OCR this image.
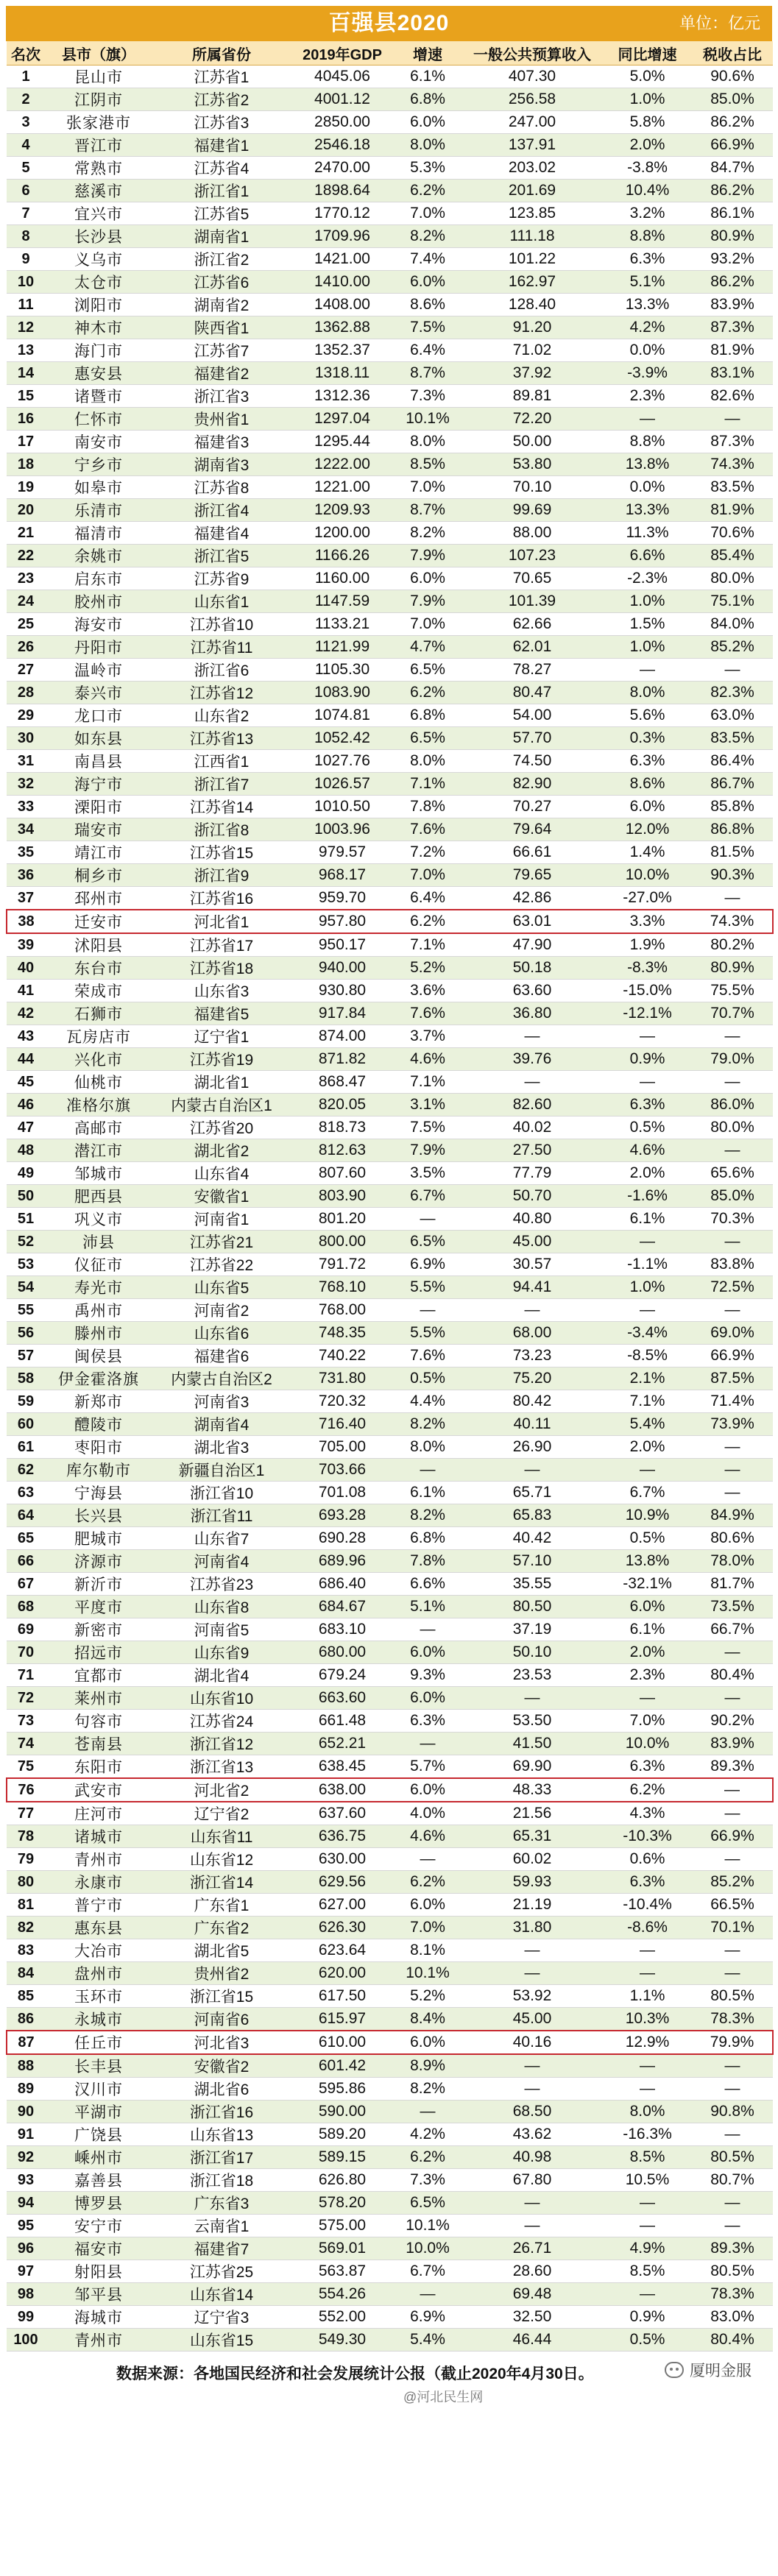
百强县2020	单位：亿元
名次	县市（旗）	所属省份	2019年GDP	增速	一般公共预算收入	同比增速	税收占比
1	昆山市	江苏省1	4045.06	6.1%	407.30	5.0%	90.6%
2	江阴市	江苏省2	4001.12	6.8%	256.58	1.0%	85.0%
3	张家港市	江苏省3	2850.00	6.0%	247.00	5.8%	86.2%
4	晋江市	福建省1	2546.18	8.0%	137.91	2.0%	66.9%
5	常熟市	江苏省4	2470.00	5.3%	203.02	-3.8%	84.7%
6	慈溪市	浙江省1	1898.64	6.2%	201.69	10.4%	86.2%
7	宜兴市	江苏省5	1770.12	7.0%	123.85	3.2%	86.1%
8	长沙县	湖南省1	1709.96	8.2%	111.18	8.8%	80.9%
9	义乌市	浙江省2	1421.00	7.4%	101.22	6.3%	93.2%
10	太仓市	江苏省6	1410.00	6.0%	162.97	5.1%	86.2%
11	浏阳市	湖南省2	1408.00	8.6%	128.40	13.3%	83.9%
12	神木市	陕西省1	1362.88	7.5%	91.20	4.2%	87.3%
13	海门市	江苏省7	1352.37	6.4%	71.02	0.0%	81.9%
14	惠安县	福建省2	1318.11	8.7%	37.92	-3.9%	83.1%
15	诸暨市	浙江省3	1312.36	7.3%	89.81	2.3%	82.6%
16	仁怀市	贵州省1	1297.04	10.1%	72.20	—	—
17	南安市	福建省3	1295.44	8.0%	50.00	8.8%	87.3%
18	宁乡市	湖南省3	1222.00	8.5%	53.80	13.8%	74.3%
19	如皋市	江苏省8	1221.00	7.0%	70.10	0.0%	83.5%
20	乐清市	浙江省4	1209.93	8.7%	99.69	13.3%	81.9%
21	福清市	福建省4	1200.00	8.2%	88.00	11.3%	70.6%
22	余姚市	浙江省5	1166.26	7.9%	107.23	6.6%	85.4%
23	启东市	江苏省9	1160.00	6.0%	70.65	-2.3%	80.0%
24	胶州市	山东省1	1147.59	7.9%	101.39	1.0%	75.1%
25	海安市	江苏省10	1133.21	7.0%	62.66	1.5%	84.0%
26	丹阳市	江苏省11	1121.99	4.7%	62.01	1.0%	85.2%
27	温岭市	浙江省6	1105.30	6.5%	78.27	—	—
28	泰兴市	江苏省12	1083.90	6.2%	80.47	8.0%	82.3%
29	龙口市	山东省2	1074.81	6.8%	54.00	5.6%	63.0%
30	如东县	江苏省13	1052.42	6.5%	57.70	0.3%	83.5%
31	南昌县	江西省1	1027.76	8.0%	74.50	6.3%	86.4%
32	海宁市	浙江省7	1026.57	7.1%	82.90	8.6%	86.7%
33	溧阳市	江苏省14	1010.50	7.8%	70.27	6.0%	85.8%
34	瑞安市	浙江省8	1003.96	7.6%	79.64	12.0%	86.8%
35	靖江市	江苏省15	979.57	7.2%	66.61	1.4%	81.5%
36	桐乡市	浙江省9	968.17	7.0%	79.65	10.0%	90.3%
37	邳州市	江苏省16	959.70	6.4%	42.86	-27.0%	—
38	迁安市	河北省1	957.80	6.2%	63.01	3.3%	74.3%
39	沭阳县	江苏省17	950.17	7.1%	47.90	1.9%	80.2%
40	东台市	江苏省18	940.00	5.2%	50.18	-8.3%	80.9%
41	荣成市	山东省3	930.80	3.6%	63.60	-15.0%	75.5%
42	石狮市	福建省5	917.84	7.6%	36.80	-12.1%	70.7%
43	瓦房店市	辽宁省1	874.00	3.7%	—	—	—
44	兴化市	江苏省19	871.82	4.6%	39.76	0.9%	79.0%
45	仙桃市	湖北省1	868.47	7.1%	—	—	—
46	准格尔旗	内蒙古自治区1	820.05	3.1%	82.60	6.3%	86.0%
47	高邮市	江苏省20	818.73	7.5%	40.02	0.5%	80.0%
48	潜江市	湖北省2	812.63	7.9%	27.50	4.6%	—
49	邹城市	山东省4	807.60	3.5%	77.79	2.0%	65.6%
50	肥西县	安徽省1	803.90	6.7%	50.70	-1.6%	85.0%
51	巩义市	河南省1	801.20	—	40.80	6.1%	70.3%
52	沛县	江苏省21	800.00	6.5%	45.00	—	—
53	仪征市	江苏省22	791.72	6.9%	30.57	-1.1%	83.8%
54	寿光市	山东省5	768.10	5.5%	94.41	1.0%	72.5%
55	禹州市	河南省2	768.00	—	—	—	—
56	滕州市	山东省6	748.35	5.5%	68.00	-3.4%	69.0%
57	闽侯县	福建省6	740.22	7.6%	73.23	-8.5%	66.9%
58	伊金霍洛旗	内蒙古自治区2	731.80	0.5%	75.20	2.1%	87.5%
59	新郑市	河南省3	720.32	4.4%	80.42	7.1%	71.4%
60	醴陵市	湖南省4	716.40	8.2%	40.11	5.4%	73.9%
61	枣阳市	湖北省3	705.00	8.0%	26.90	2.0%	—
62	库尔勒市	新疆自治区1	703.66	—	—	—	—
63	宁海县	浙江省10	701.08	6.1%	65.71	6.7%	—
64	长兴县	浙江省11	693.28	8.2%	65.83	10.9%	84.9%
65	肥城市	山东省7	690.28	6.8%	40.42	0.5%	80.6%
66	济源市	河南省4	689.96	7.8%	57.10	13.8%	78.0%
67	新沂市	江苏省23	686.40	6.6%	35.55	-32.1%	81.7%
68	平度市	山东省8	684.67	5.1%	80.50	6.0%	73.5%
69	新密市	河南省5	683.10	—	37.19	6.1%	66.7%
70	招远市	山东省9	680.00	6.0%	50.10	2.0%	—
71	宜都市	湖北省4	679.24	9.3%	23.53	2.3%	80.4%
72	莱州市	山东省10	663.60	6.0%	—	—	—
73	句容市	江苏省24	661.48	6.3%	53.50	7.0%	90.2%
74	苍南县	浙江省12	652.21	—	41.50	10.0%	83.9%
75	东阳市	浙江省13	638.45	5.7%	69.90	6.3%	89.3%
76	武安市	河北省2	638.00	6.0%	48.33	6.2%	—
77	庄河市	辽宁省2	637.60	4.0%	21.56	4.3%	—
78	诸城市	山东省11	636.75	4.6%	65.31	-10.3%	66.9%
79	青州市	山东省12	630.00	—	60.02	0.6%	—
80	永康市	浙江省14	629.56	6.2%	59.93	6.3%	85.2%
81	普宁市	广东省1	627.00	6.0%	21.19	-10.4%	66.5%
82	惠东县	广东省2	626.30	7.0%	31.80	-8.6%	70.1%
83	大冶市	湖北省5	623.64	8.1%	—	—	—
84	盘州市	贵州省2	620.00	10.1%	—	—	—
85	玉环市	浙江省15	617.50	5.2%	53.92	1.1%	80.5%
86	永城市	河南省6	615.97	8.4%	45.00	10.3%	78.3%
87	任丘市	河北省3	610.00	6.0%	40.16	12.9%	79.9%
88	长丰县	安徽省2	601.42	8.9%	—	—	—
89	汉川市	湖北省6	595.86	8.2%	—	—	—
90	平湖市	浙江省16	590.00	—	68.50	8.0%	90.8%
91	广饶县	山东省13	589.20	4.2%	43.62	-16.3%	—
92	嵊州市	浙江省17	589.15	6.2%	40.98	8.5%	80.5%
93	嘉善县	浙江省18	626.80	7.3%	67.80	10.5%	80.7%
94	博罗县	广东省3	578.20	6.5%	—	—	—
95	安宁市	云南省1	575.00	10.1%	—	—	—
96	福安市	福建省7	569.01	10.0%	26.71	4.9%	89.3%
97	射阳县	江苏省25	563.87	6.7%	28.60	8.5%	80.5%
98	邹平县	山东省14	554.26	—	69.48	—	78.3%
99	海城市	辽宁省3	552.00	6.9%	32.50	0.9%	83.0%
100	青州市	山东省15	549.30	5.4%	46.44	0.5%	80.4%
数据来源：各地国民经济和社会发展统计公报（截止2020年4月30日。	厦明金服
@河北民生网
